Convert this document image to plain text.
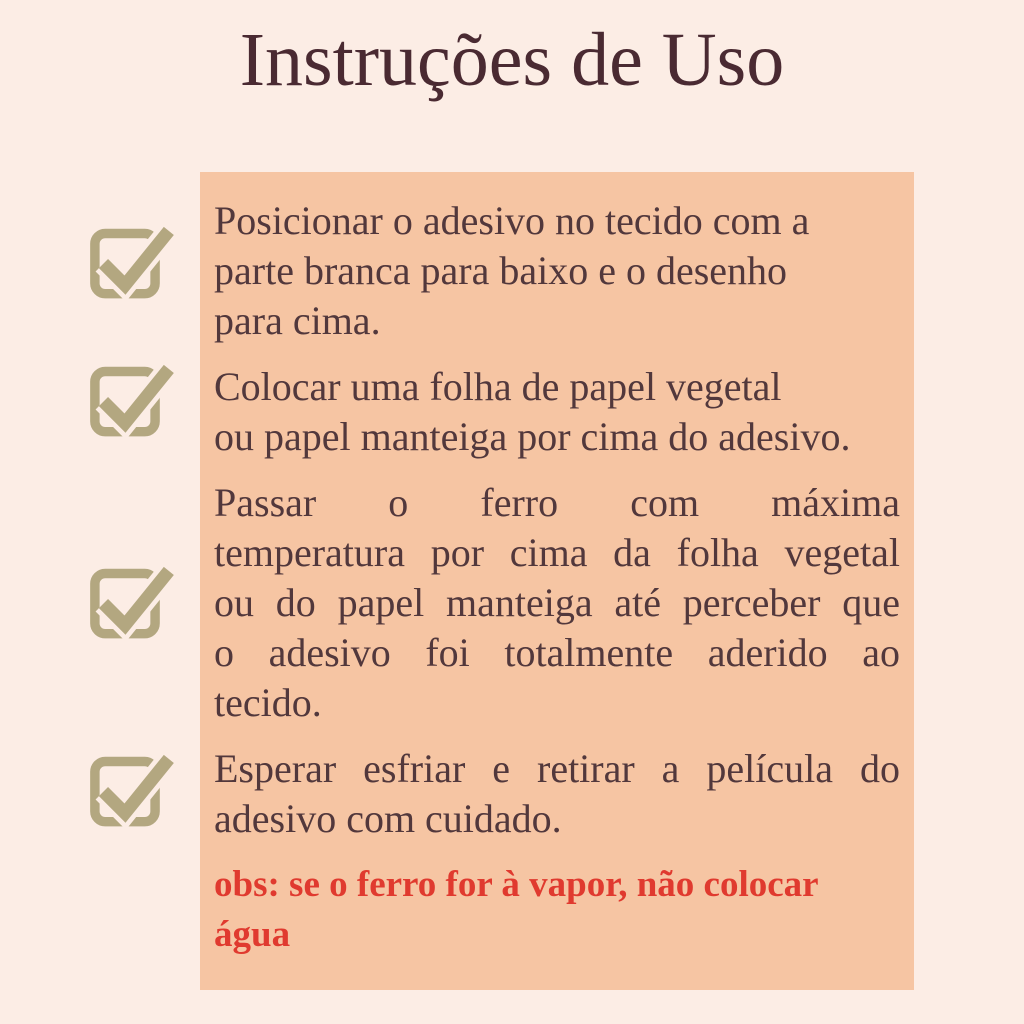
Instruções de Uso
Posicionar o adesivo no tecido com a
parte branca para baixo e o desenho
para cima.
Colocar uma folha de papel vegetal
ou papel manteiga por cima do adesivo.
Passar o ferro com máxima
temperatura por cima da folha vegetal
ou do papel manteiga até perceber que
o adesivo foi totalmente aderido ao
tecido.
Esperar esfriar e retirar a película do
adesivo com cuidado.
obs: se o ferro for à vapor, não colocar
água
